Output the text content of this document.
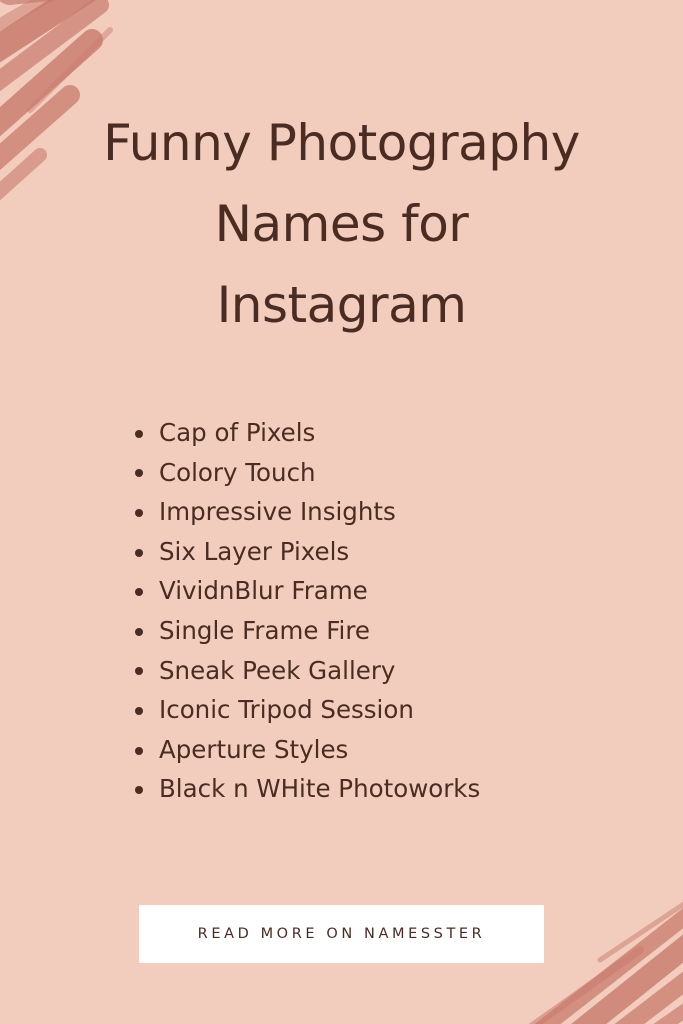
Funny Photography
Names for
Instagram
Cap of Pixels
Colory Touch
Impressive Insights
Six Layer Pixels
VividnBlur Frame
Single Frame Fire
Sneak Peek Gallery
Iconic Tripod Session
Aperture Styles
Black n WHite Photoworks
READ MORE ON NAMESSTER
